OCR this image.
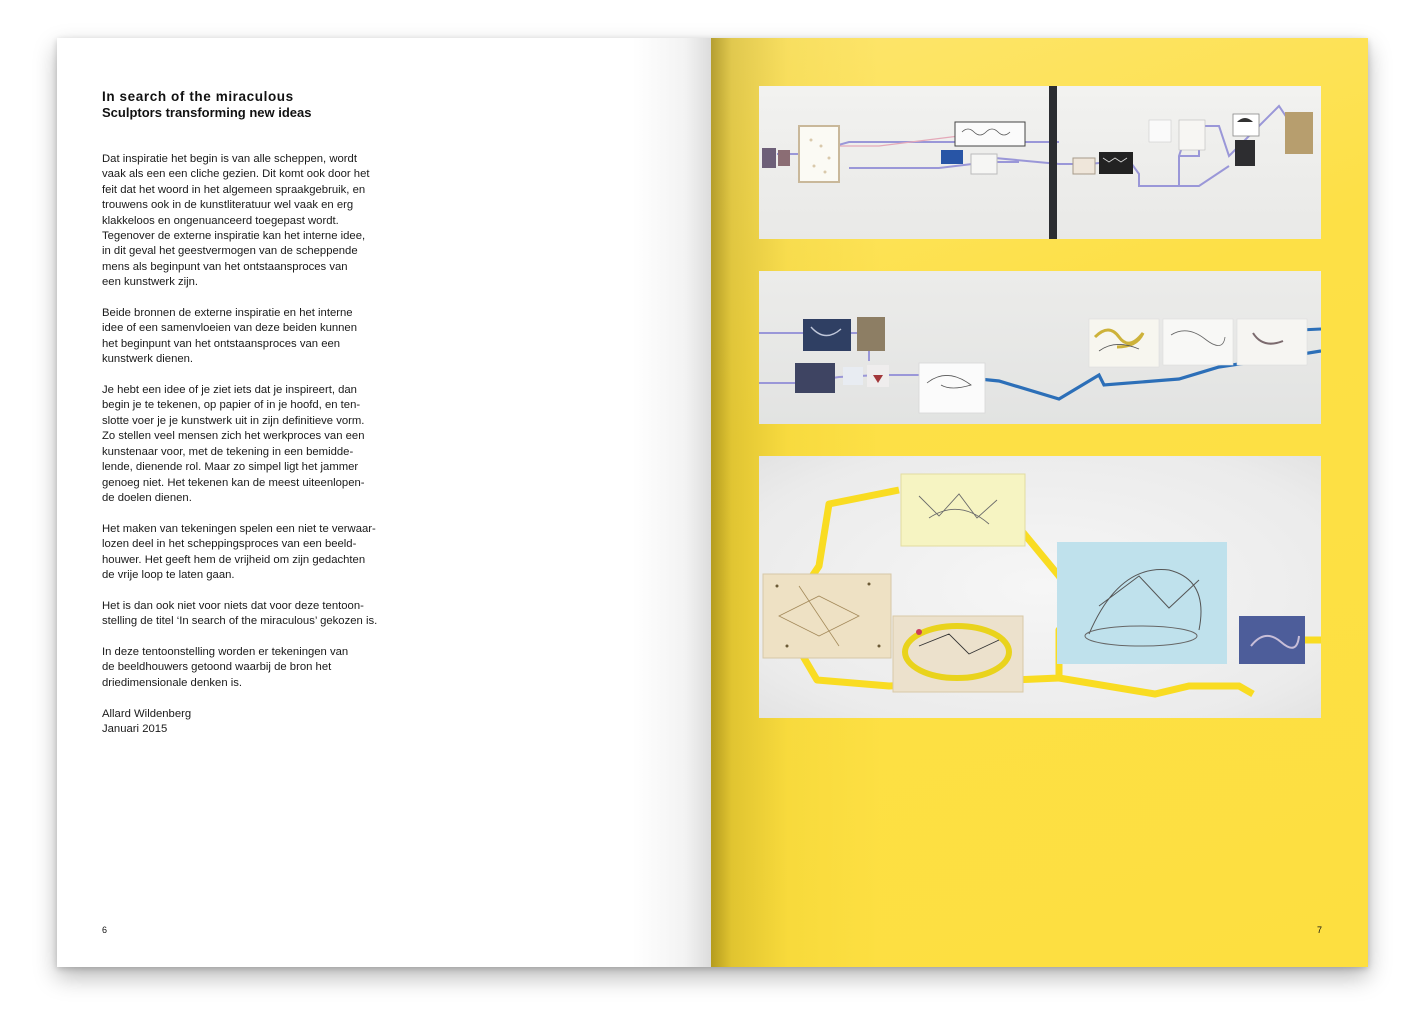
In search of the miraculous
Sculptors transforming new ideas

Dat inspiratie het begin is van alle scheppen, wordt
vaak als een een cliche gezien. Dit komt ook door het
feit dat het woord in het algemeen spraakgebruik, en
trouwens ook in de kunstliteratuur wel vaak en erg
klakkeloos en ongenuanceerd toegepast wordt.
Tegenover de externe inspiratie kan het interne idee,
in dit geval het geestvermogen van de scheppende
mens als beginpunt van het ontstaansproces van
een kunstwerk zijn.

Beide bronnen de externe inspiratie en het interne
idee of een samenvloeien van deze beiden kunnen
het beginpunt van het ontstaansproces van een
kunstwerk dienen.

Je hebt een idee of je ziet iets dat je inspireert, dan
begin je te tekenen, op papier of in je hoofd, en ten-
slotte voer je je kunstwerk uit in zijn definitieve vorm.
Zo stellen veel mensen zich het werkproces van een
kunstenaar voor, met de tekening in een bemidde-
lende, dienende rol. Maar zo simpel ligt het jammer
genoeg niet. Het tekenen kan de meest uiteenlopen-
de doelen dienen.

Het maken van tekeningen spelen een niet te verwaar-
lozen deel in het scheppingsproces van een beeld-
houwer. Het geeft hem de vrijheid om zijn gedachten
de vrije loop te laten gaan.

Het is dan ook niet voor niets dat voor deze tentoon-
stelling de titel ‘In search of the miraculous’ gekozen is.

In deze tentoonstelling worden er tekeningen van
de beeldhouwers getoond waarbij de bron het
driedimensionale denken is.

Allard Wildenberg
Januari 2015

6	7
